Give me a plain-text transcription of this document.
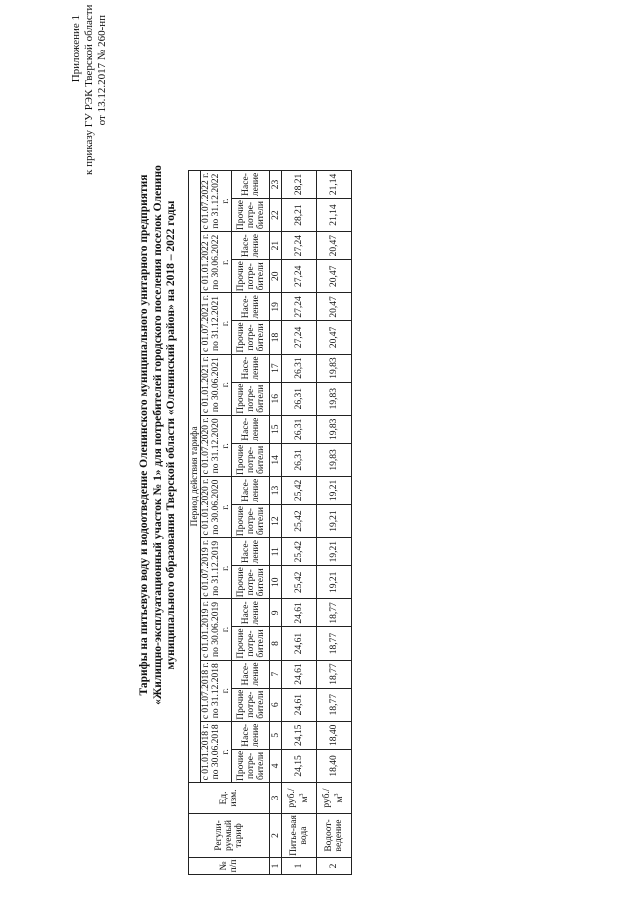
Приложение 1 к приказу ГУ РЭК Тверской области от 13.12.2017 № 260-нп
Тарифы на питьевую воду и водоотведение Оленинского муниципального унитарного предприятия «Жилищно-эксплуатационный участок № 1» для потребителей городского поселения поселок Оленино муниципального образования Тверской области «Оленинский район» на 2018 – 2022 годы
№ п/п	Регули-руемый тариф	Ед. изм.	Период действия тарифа																			
			с 01.01.2018 г. по 30.06.2018 г.		с 01.07.2018 г. по 31.12.2018 г.		с 01.01.2019 г. по 30.06.2019 г.		с 01.07.2019 г. по 31.12.2019 г.		с 01.01.2020 г. по 30.06.2020 г.		с 01.07.2020 г. по 31.12.2020 г.		с 01.01.2021 г. по 30.06.2021 г.		с 01.07.2021 г. по 31.12.2021 г.		с 01.01.2022 г. по 30.06.2022 г.		с 01.07.2022 г. по 31.12.2022 г.	
			Прочие потре-бители	Насе-ление	Прочие потре-бители	Насе-ление	Прочие потре-бители	Насе-ление	Прочие потре-бители	Насе-ление	Прочие потре-бители	Насе-ление	Прочие потре-бители	Насе-ление	Прочие потре-бители	Насе-ление	Прочие потре-бители	Насе-ление	Прочие потре-бители	Насе-ление	Прочие потре-бители	Насе-ление
1	2	3	4	5	6	7	8	9	10	11	12	13	14	15	16	17	18	19	20	21	22	23
1	Питье-вая вода	$руб./м^3$	24,15	24,15	24,61	24,61	24,61	24,61	25,42	25,42	25,42	25,42	26,31	26,31	26,31	26,31	27,24	27,24	27,24	27,24	28,21	28,21
2	Водоот-ведение	$руб./м^3$	18,40	18,40	18,77	18,77	18,77	18,77	19,21	19,21	19,21	19,21	19,83	19,83	19,83	19,83	20,47	20,47	20,47	20,47	21,14	21,14
